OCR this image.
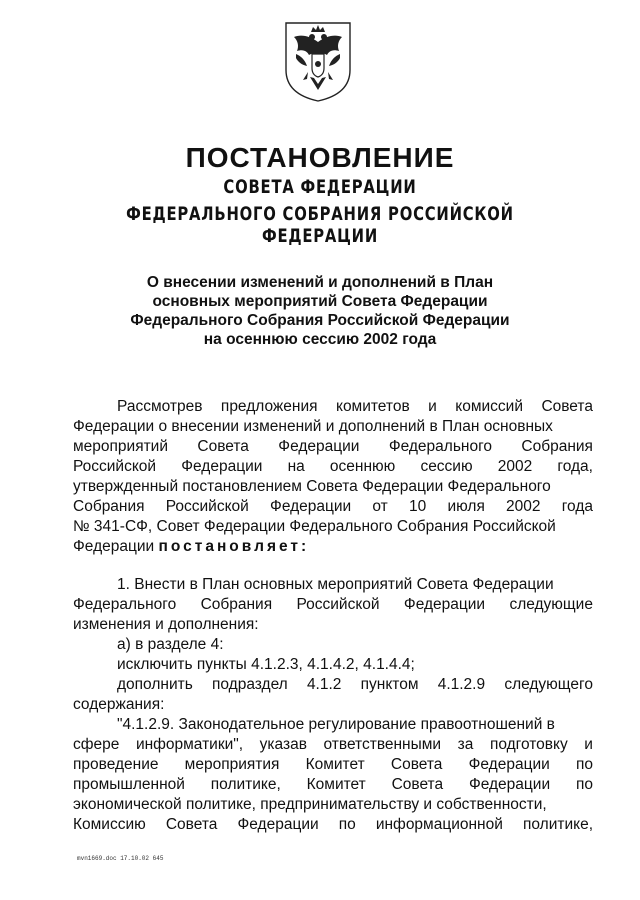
ПОСТАНОВЛЕНИЕ
СОВЕТА ФЕДЕРАЦИИ
ФЕДЕРАЛЬНОГО СОБРАНИЯ РОССИЙСКОЙ ФЕДЕРАЦИИ
О внесении изменений и дополнений в План
основных мероприятий Совета Федерации
Федерального Собрания Российской Федерации
на осеннюю сессию 2002 года
Рассмотрев предложения комитетов и комиссий Совета
Федерации о внесении изменений и дополнений в План основных
мероприятий Совета Федерации Федерального Собрания
Российской Федерации на осеннюю сессию 2002 года,
утвержденный постановлением Совета Федерации Федерального
Собрания Российской Федерации от 10 июля 2002 года
№ 341-СФ, Совет Федерации Федерального Собрания Российской
Федерации постановляет:
1. Внести в План основных мероприятий Совета Федерации
Федерального Собрания Российской Федерации следующие
изменения и дополнения:
а) в разделе 4:
исключить пункты 4.1.2.3, 4.1.4.2, 4.1.4.4;
дополнить подраздел 4.1.2 пунктом 4.1.2.9 следующего
содержания:
"4.1.2.9. Законодательное регулирование правоотношений в
сфере информатики", указав ответственными за подготовку и
проведение мероприятия Комитет Совета Федерации по
промышленной политике, Комитет Совета Федерации по
экономической политике, предпринимательству и собственности,
Комиссию Совета Федерации по информационной политике,
mvn1669.doc 17.10.02 645
